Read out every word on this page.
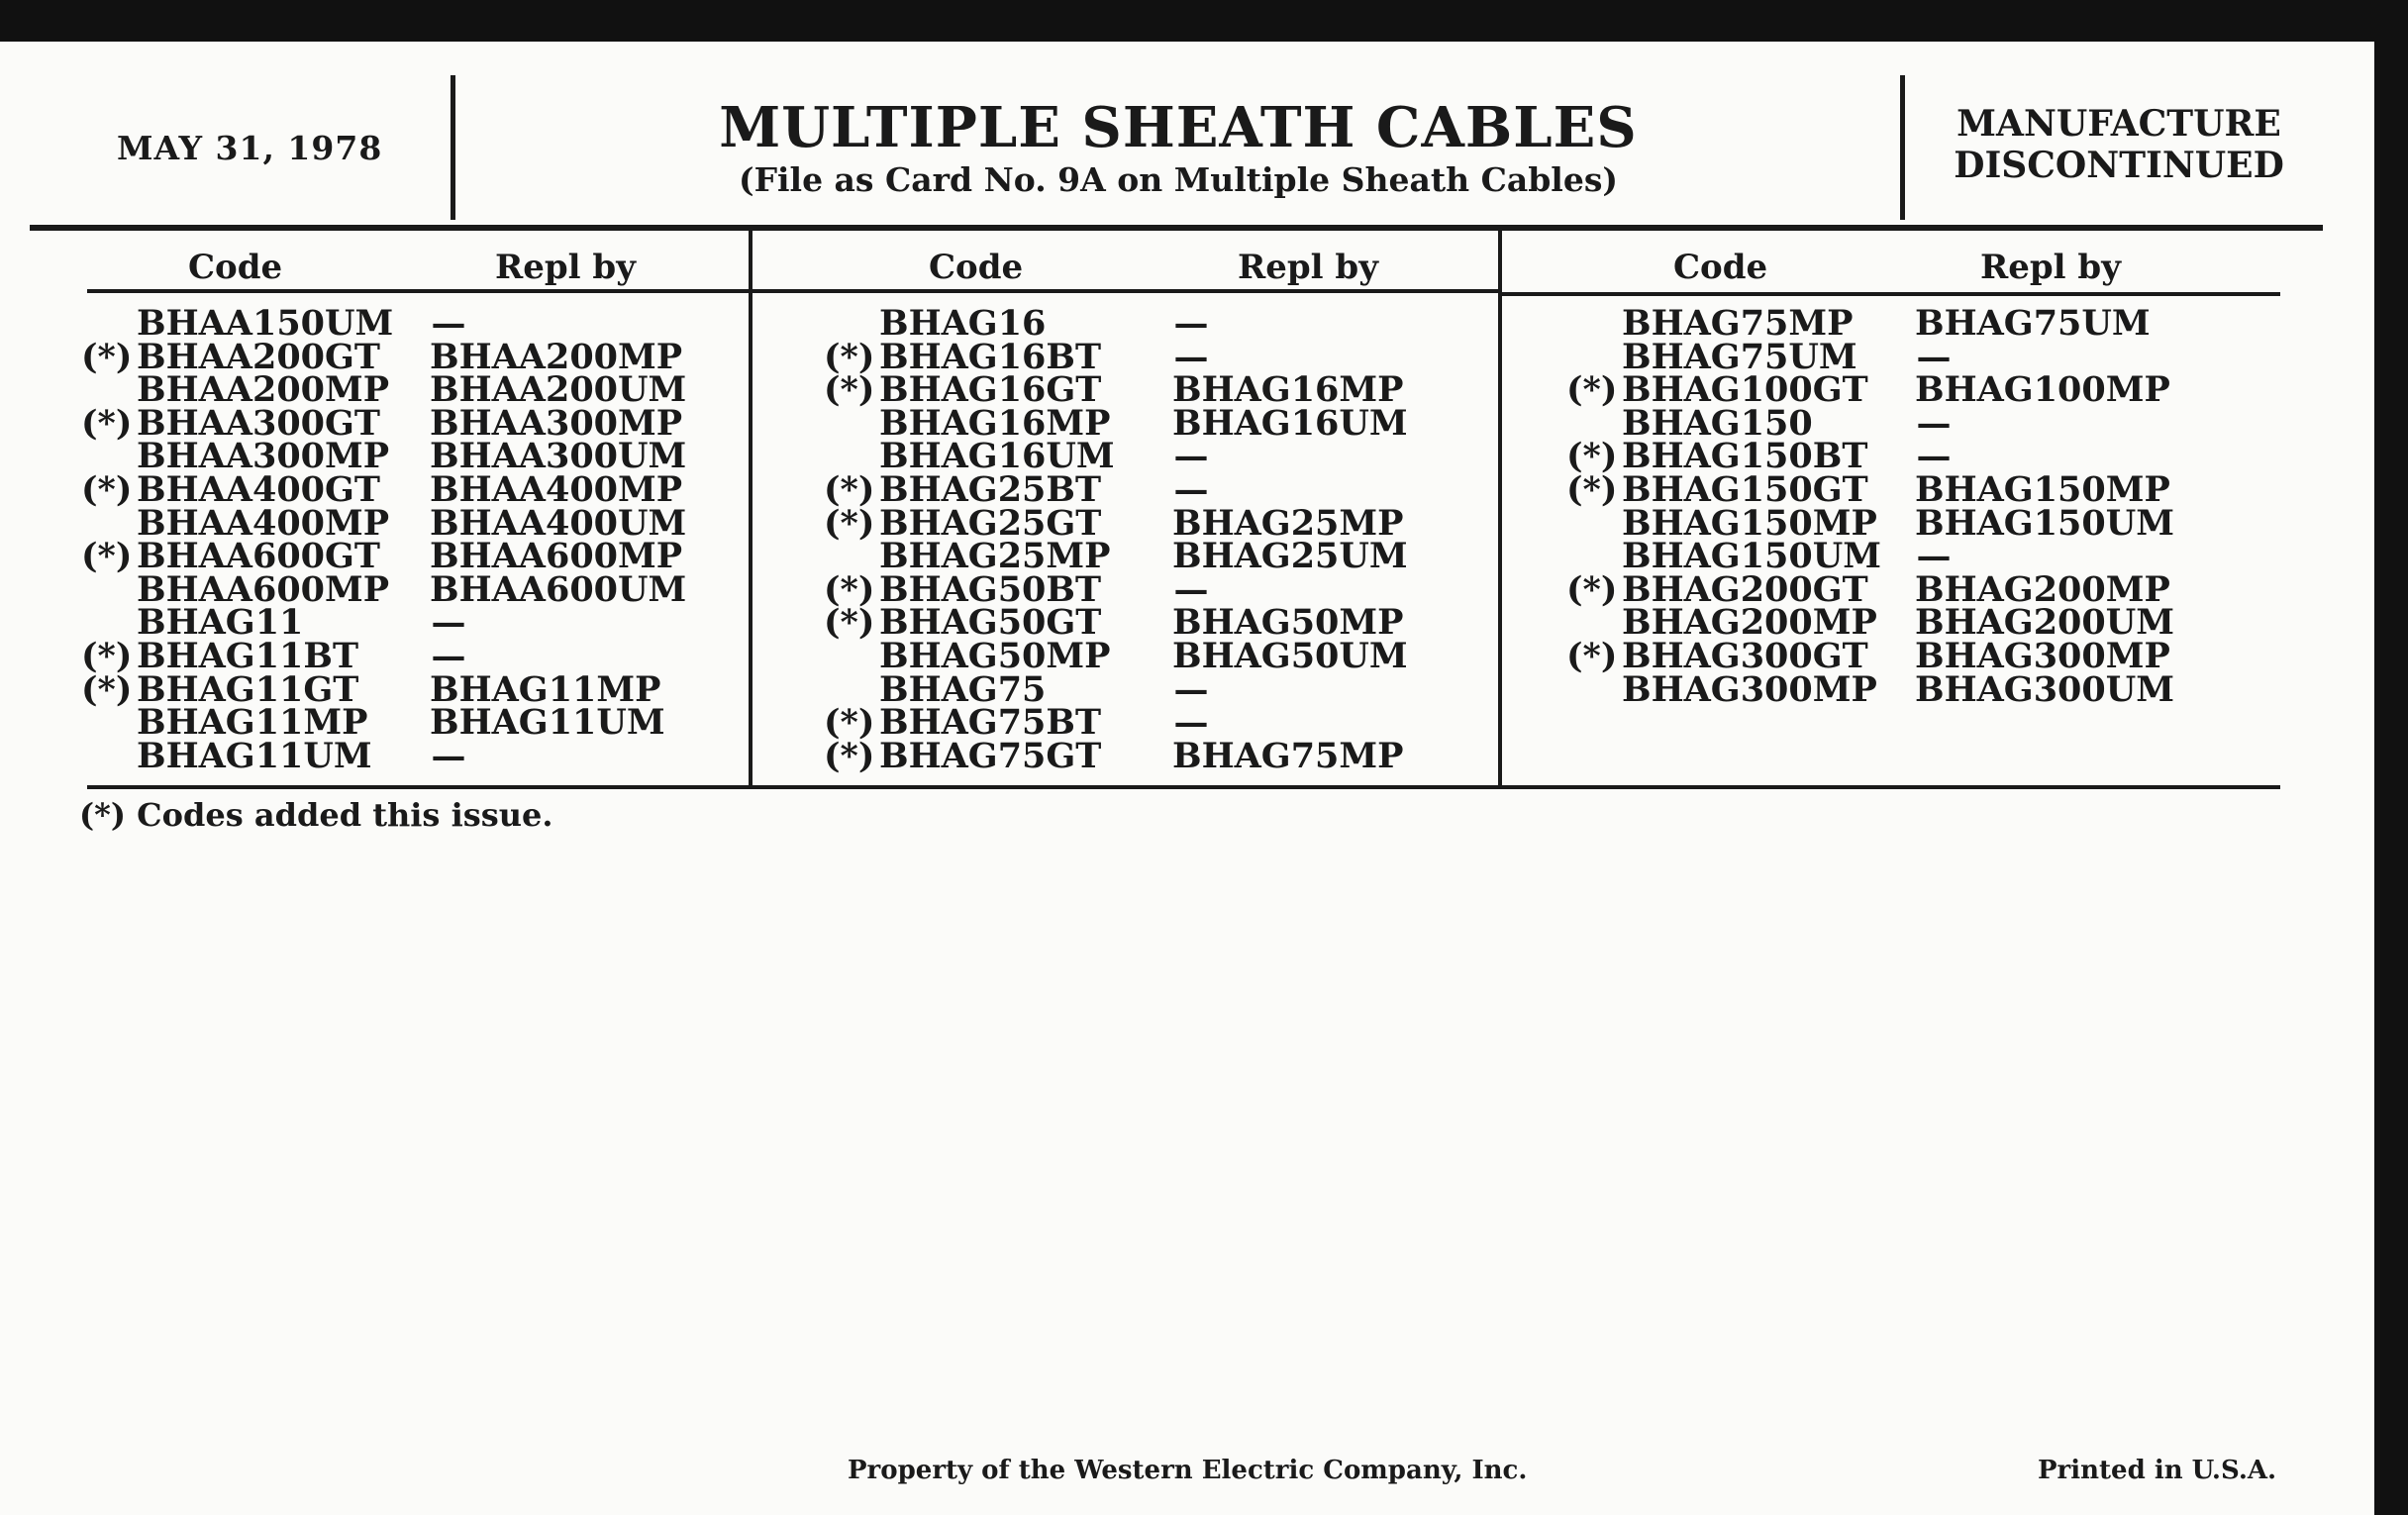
MAY 31, 1978	MULTIPLE SHEATH CABLES
(File as Card No. 9A on Multiple Sheath Cables)
MANUFACTURE
DISCONTINUED
Code	Repl by	Code	Repl by	Code	Repl by
BHAA150UM —
(*) BHAA200GT BHAA200MP
BHAA200MP BHAA200UM
(*) BHAA300GT BHAA300MP
BHAA300MP BHAA300UM
(*) BHAA400GT BHAA400MP
BHAA400MP BHAA400UM
(*) BHAA600GT BHAA600MP
BHAA600MP BHAA600UM
BHAG11	—
(*) BHAG11BT —
(*) BHAG11GT BHAG11MP
BHAG11MP BHAG11UM
BHAG11UM —
BHAG16	—
(*) BHAG16BT —
(*) BHAG16GT BHAG16MP
BHAG16MP BHAG16UM
BHAG16UM —
(*) BHAG25BT —
(*) BHAG25GT BHAG25MP
BHAG25MP BHAG25UM
(*) BHAG50BT —
(*) BHAG50GT BHAG50MP
BHAG50MP BHAG50UM
BHAG75	—
(*) BHAG75BT —
(*) BHAG75GT BHAG75MP
BHAG75MP BHAG75UM
BHAG75UM —
(*) BHAG100GT BHAG100MP
BHAG150	—
(*) BHAG150BT —
(*) BHAG150GT BHAG150MP
BHAG150MP BHAG150UM
BHAG150UM —
(*) BHAG200GT BHAG200MP
BHAG200MP BHAG200UM
(*) BHAG300GT BHAG300MP
BHAG300MP BHAG300UM
(*) Codes added this issue.
Property of the Western Electric Company, Inc.	Printed in U.S.A.
